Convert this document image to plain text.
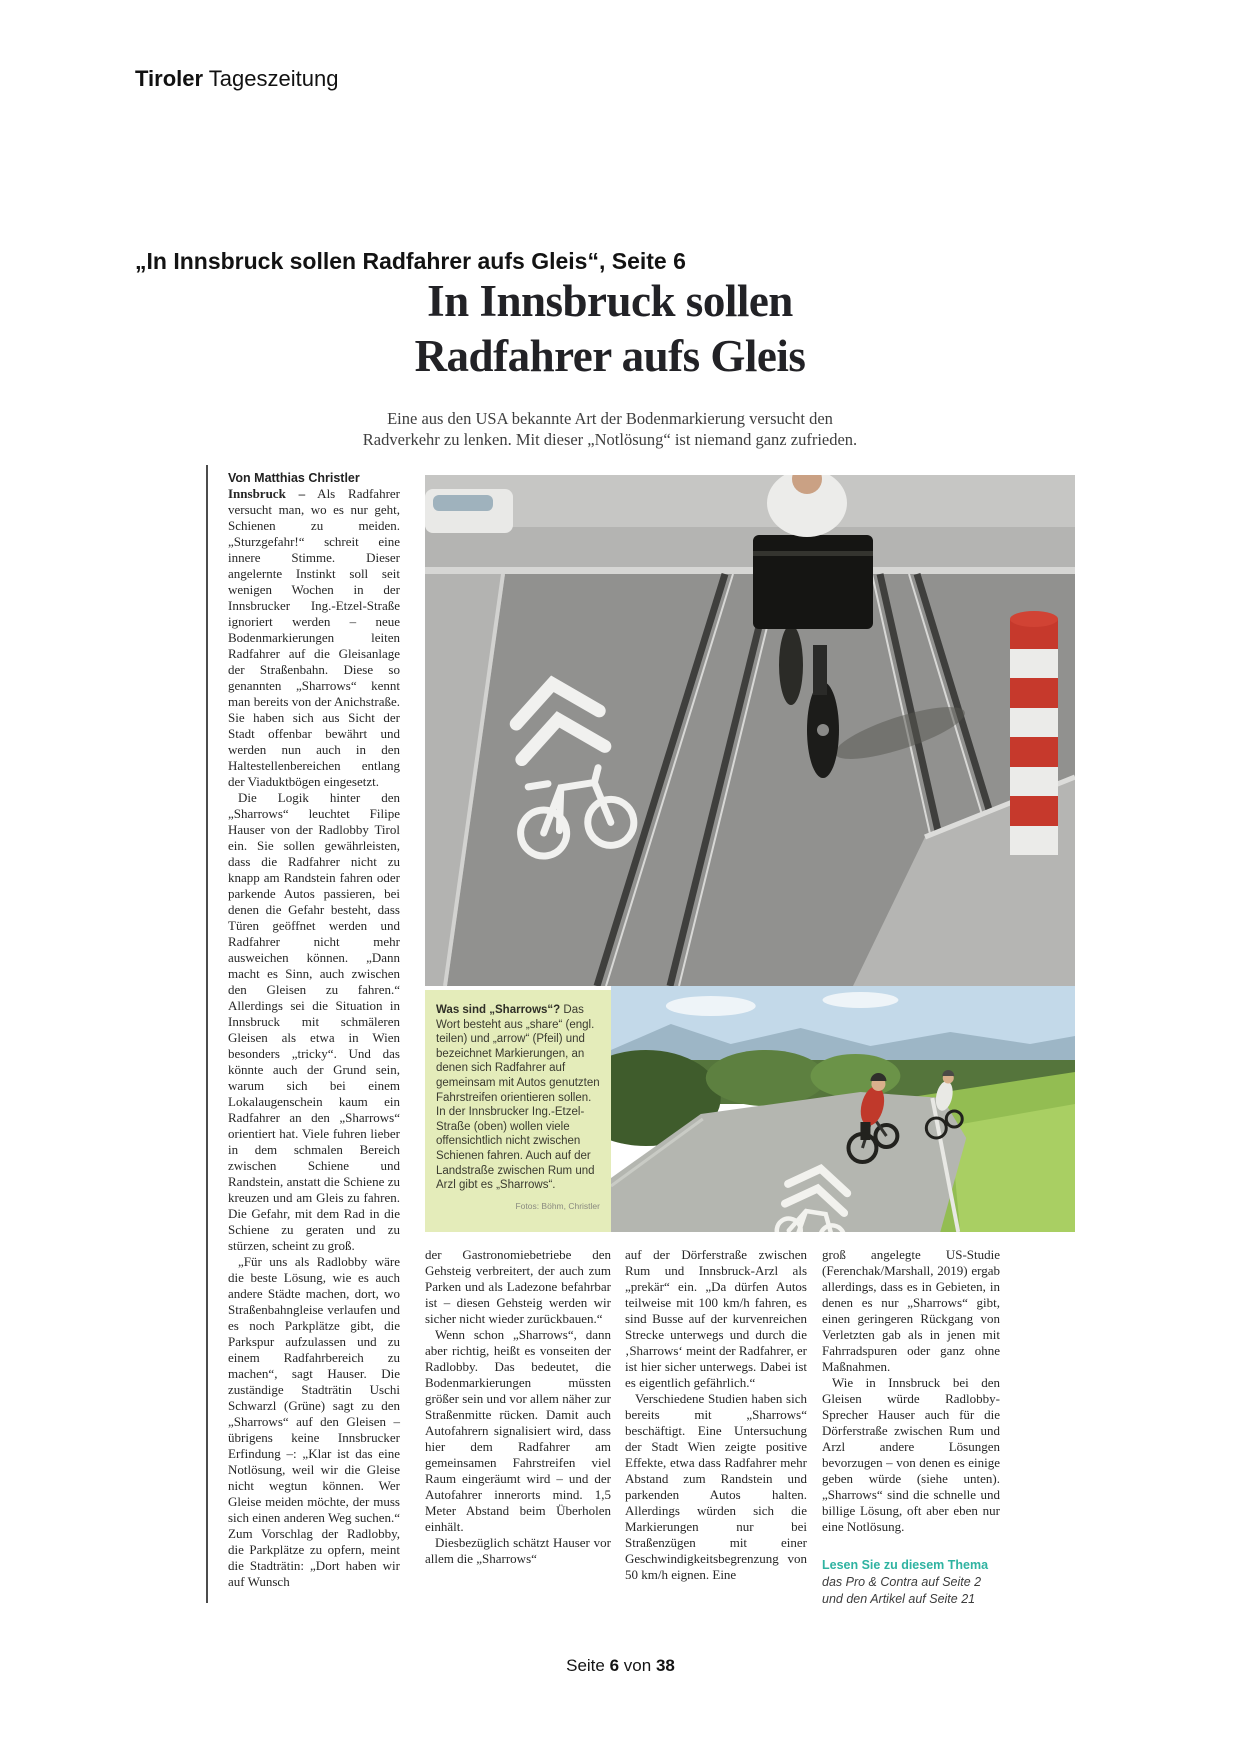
Tiroler Tageszeitung
„In Innsbruck sollen Radfahrer aufs Gleis“, Seite 6
In Innsbruck sollen
Radfahrer aufs Gleis
Eine aus den USA bekannte Art der Bodenmarkierung versucht den
Radverkehr zu lenken. Mit dieser „Notlösung“ ist niemand ganz zufrieden.

Von Matthias Christler

Innsbruck – Als Radfahrer versucht man, wo es nur geht, Schienen zu meiden. „Sturzgefahr!“ schreit eine innere Stimme. Dieser angelernte Instinkt soll seit wenigen Wochen in der Innsbrucker Ing.-Etzel-Straße ignoriert werden – neue Bodenmarkierungen leiten Radfahrer auf die Gleisanlage der Straßenbahn. Diese so genannten „Sharrows“ kennt man bereits von der Anichstraße. Sie haben sich aus Sicht der Stadt offenbar bewährt und werden nun auch in den Haltestellenbereichen entlang der Viaduktbögen eingesetzt.

Die Logik hinter den „Sharrows“ leuchtet Filipe Hauser von der Radlobby Tirol ein. Sie sollen gewährleisten, dass die Radfahrer nicht zu knapp am Randstein fahren oder parkende Autos passieren, bei denen die Gefahr besteht, dass Türen geöffnet werden und Radfahrer nicht mehr ausweichen können. „Dann macht es Sinn, auch zwischen den Gleisen zu fahren.“ Allerdings sei die Situation in Innsbruck mit schmäleren Gleisen als etwa in Wien besonders „tricky“. Und das könnte auch der Grund sein, warum sich bei einem Lokalaugenschein kaum ein Radfahrer an den „Sharrows“ orientiert hat. Viele fuhren lieber in dem schmalen Bereich zwischen Schiene und Randstein, anstatt die Schiene zu kreuzen und am Gleis zu fahren. Die Gefahr, mit dem Rad in die Schiene zu geraten und zu stürzen, scheint zu groß.

„Für uns als Radlobby wäre die beste Lösung, wie es auch andere Städte machen, dort, wo Straßenbahngleise verlaufen und es noch Parkplätze gibt, die Parkspur aufzulassen und zu einem Radfahrbereich zu machen“, sagt Hauser. Die zuständige Stadträtin Uschi Schwarzl (Grüne) sagt zu den „Sharrows“ auf den Gleisen – übrigens keine Innsbrucker Erfindung –: „Klar ist das eine Notlösung, weil wir die Gleise nicht wegtun können. Wer Gleise meiden möchte, der muss sich einen anderen Weg suchen.“ Zum Vorschlag der Radlobby, die Parkplätze zu opfern, meint die Stadträtin: „Dort haben wir auf Wunsch

Was sind „Sharrows“? Das Wort besteht aus „share“ (engl. teilen) und „arrow“ (Pfeil) und bezeichnet Markierungen, an denen sich Radfahrer auf gemeinsam mit Autos genutzten Fahrstreifen orientieren sollen. In der Innsbrucker Ing.-Etzel-Straße (oben) wollen viele offensichtlich nicht zwischen Schienen fahren. Auch auf der Landstraße zwischen Rum und Arzl gibt es „Sharrows“.
Fotos: Böhm, Christler

der Gastronomiebetriebe den Gehsteig verbreitert, der auch zum Parken und als Ladezone befahrbar ist – diesen Gehsteig werden wir sicher nicht wieder zurückbauen.“

Wenn schon „Sharrows“, dann aber richtig, heißt es vonseiten der Radlobby. Das bedeutet, die Bodenmarkierungen müssten größer sein und vor allem näher zur Straßenmitte rücken. Damit auch Autofahrern signalisiert wird, dass hier dem Radfahrer am gemeinsamen Fahrstreifen viel Raum eingeräumt wird – und der Autofahrer innerorts mind. 1,5 Meter Abstand beim Überholen einhält.

Diesbezüglich schätzt Hauser vor allem die „Sharrows“

auf der Dörferstraße zwischen Rum und Innsbruck-Arzl als „prekär“ ein. „Da dürfen Autos teilweise mit 100 km/h fahren, es sind Busse auf der kurvenreichen Strecke unterwegs und durch die ‚Sharrows‘ meint der Radfahrer, er ist hier sicher unterwegs. Dabei ist es eigentlich gefährlich.“

Verschiedene Studien haben sich bereits mit „Sharrows“ beschäftigt. Eine Untersuchung der Stadt Wien zeigte positive Effekte, etwa dass Radfahrer mehr Abstand zum Randstein und parkenden Autos halten. Allerdings würden sich die Markierungen nur bei Straßenzügen mit einer Geschwindigkeitsbegrenzung von 50 km/h eignen. Eine

groß angelegte US-Studie (Ferenchak/Marshall, 2019) ergab allerdings, dass es in Gebieten, in denen es nur „Sharrows“ gibt, einen geringeren Rückgang von Verletzten gab als in jenen mit Fahrradspuren oder ganz ohne Maßnahmen.

Wie in Innsbruck bei den Gleisen würde Radlobby-Sprecher Hauser auch für die Dörferstraße zwischen Rum und Arzl andere Lösungen bevorzugen – von denen es einige geben würde (siehe unten). „Sharrows“ sind die schnelle und billige Lösung, oft aber eben nur eine Notlösung.

Lesen Sie zu diesem Thema das Pro & Contra auf Seite 2 und den Artikel auf Seite 21
Seite 6 von 38
